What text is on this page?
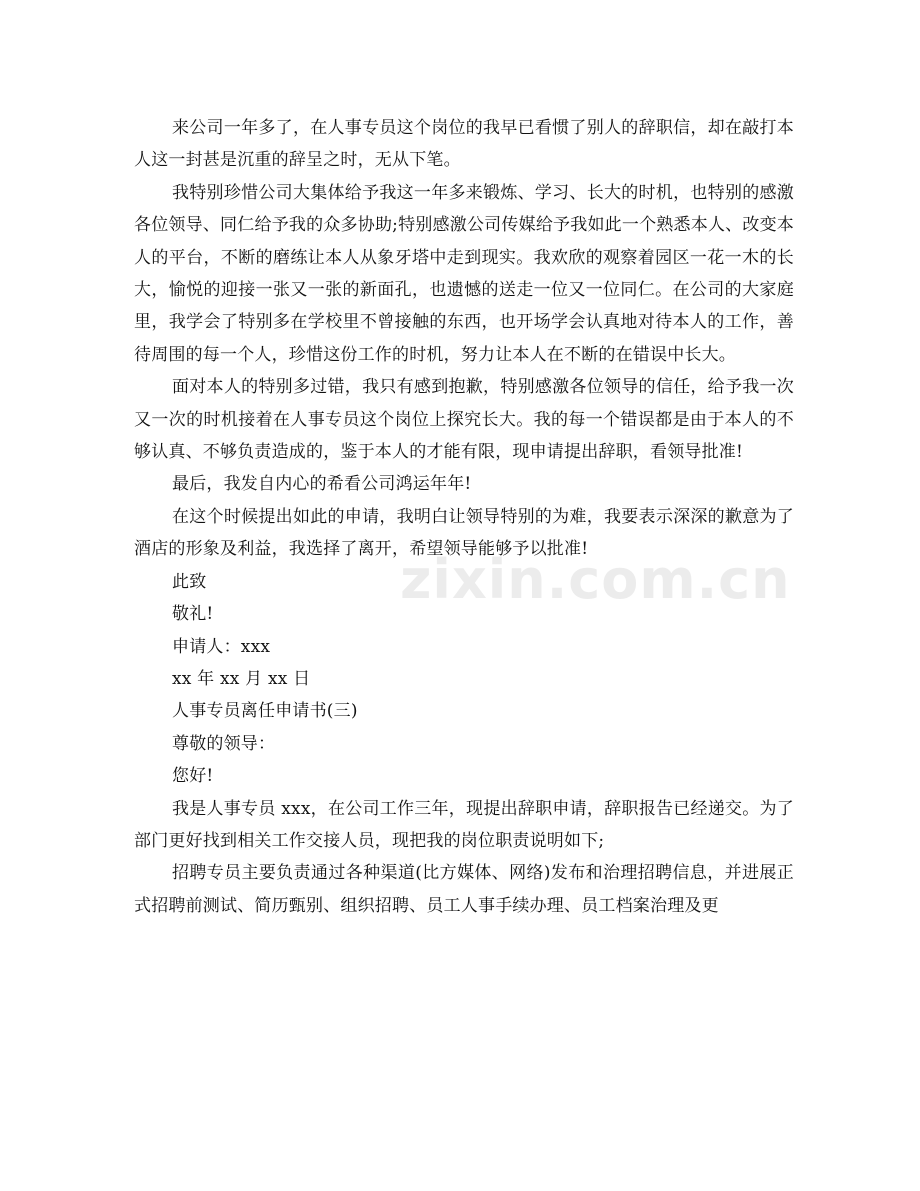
来公司一年多了，在人事专员这个岗位的我早已看惯了别人的辞职信，却在敲打本人这一封甚是沉重的辞呈之时，无从下笔。

我特别珍惜公司大集体给予我这一年多来锻炼、学习、长大的时机，也特别的感激各位领导、同仁给予我的众多协助;特别感激公司传媒给予我如此一个熟悉本人、改变本人的平台，不断的磨练让本人从象牙塔中走到现实。我欢欣的观察着园区一花一木的长大，愉悦的迎接一张又一张的新面孔，也遗憾的送走一位又一位同仁。在公司的大家庭里，我学会了特别多在学校里不曾接触的东西，也开场学会认真地对待本人的工作，善待周围的每一个人，珍惜这份工作的时机，努力让本人在不断的在错误中长大。

面对本人的特别多过错，我只有感到抱歉，特别感激各位领导的信任，给予我一次又一次的时机接着在人事专员这个岗位上探究长大。我的每一个错误都是由于本人的不够认真、不够负责造成的，鉴于本人的才能有限，现申请提出辞职，看领导批准!

最后，我发自内心的希看公司鸿运年年!

在这个时候提出如此的申请，我明白让领导特别的为难，我要表示深深的歉意为了酒店的形象及利益，我选择了离开，希望领导能够予以批准!

此致

敬礼!

申请人：xxx

xx 年 xx 月 xx 日

人事专员离任申请书(三)

尊敬的领导：

您好!

我是人事专员 xxx，在公司工作三年，现提出辞职申请，辞职报告已经递交。为了部门更好找到相关工作交接人员，现把我的岗位职责说明如下;

招聘专员主要负责通过各种渠道(比方媒体、网络)发布和治理招聘信息，并进展正式招聘前测试、简历甄别、组织招聘、员工人事手续办理、员工档案治理及更

zixin.com.cn
